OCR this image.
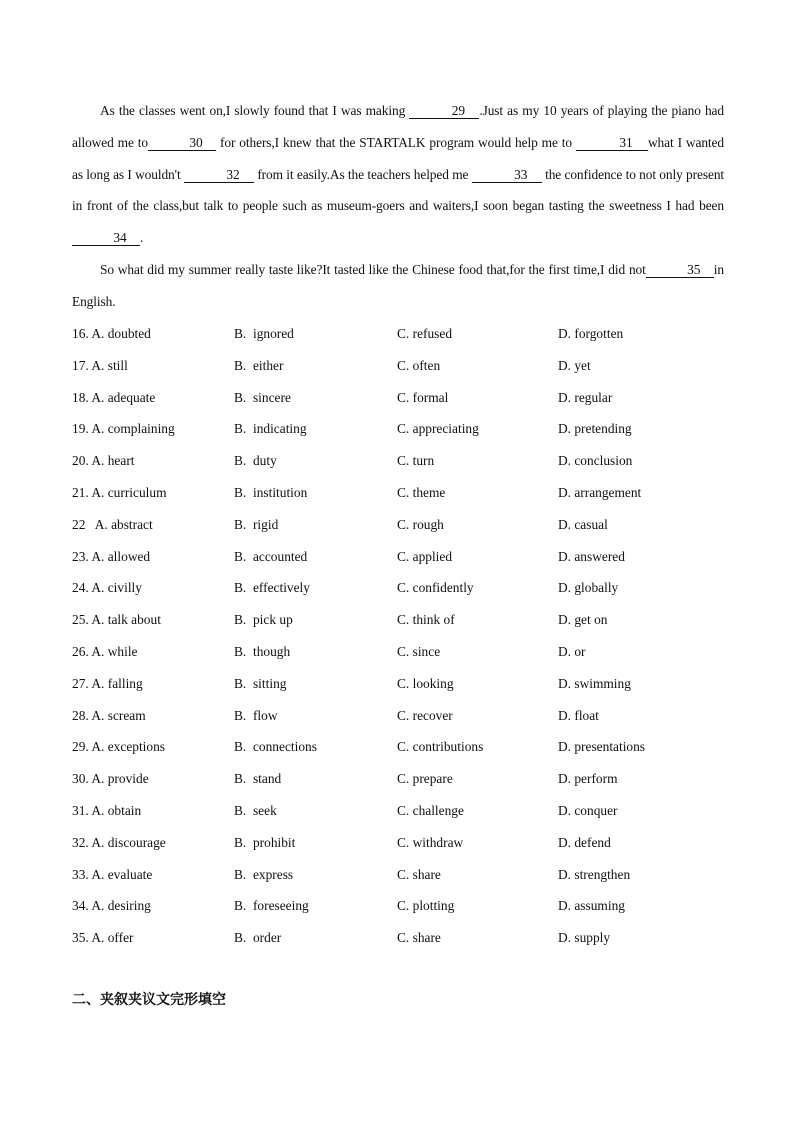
As the classes went on,I slowly found that I was making	29 .Just as my 10 years of playing the piano had allowed me to	30 for others,I knew that the STARTALK program would help me to	31 what I wanted as long as I wouldn't	32 from it easily.As the teachers helped me	33 the confidence to not only present in front of the class,but talk to people such as museum-goers and waiters,I soon began tasting the sweetness I had been34 .

So what did my summer really taste like?It tasted like the Chinese food that,for the first time,I did not	35 in English.

16. A. doubted	B.  ignored	C. refused	D. forgotten
17. A. still	B.  either	C. often	D. yet
18. A. adequate	B.  sincere	C. formal	D. regular
19. A. complaining	B.  indicating	C. appreciating	D. pretending
20. A. heart	B.  duty	C. turn	D. conclusion
21. A. curriculum	B.  institution	C. theme	D. arrangement
22   A. abstract	B.  rigid	C. rough	D. casual
23. A. allowed	B.  accounted	C. applied	D. answered
24. A. civilly	B.  effectively	C. confidently	D. globally
25. A. talk about	B.  pick up	C. think of	D. get on
26. A. while	B.  though	C. since	D. or
27. A. falling	B.  sitting	C. looking	D. swimming
28. A. scream	B.  flow	C. recover	D. float
29. A. exceptions	B.  connections	C. contributions	D. presentations
30. A. provide	B.  stand	C. prepare	D. perform
31. A. obtain	B.  seek	C. challenge	D. conquer
32. A. discourage	B.  prohibit	C. withdraw	D. defend
33. A. evaluate	B.  express	C. share	D. strengthen
34. A. desiring	B.  foreseeing	C. plotting	D. assuming
35. A. offer	B.  order	C. share	D. supply
二、夹叙夹议文完形填空
